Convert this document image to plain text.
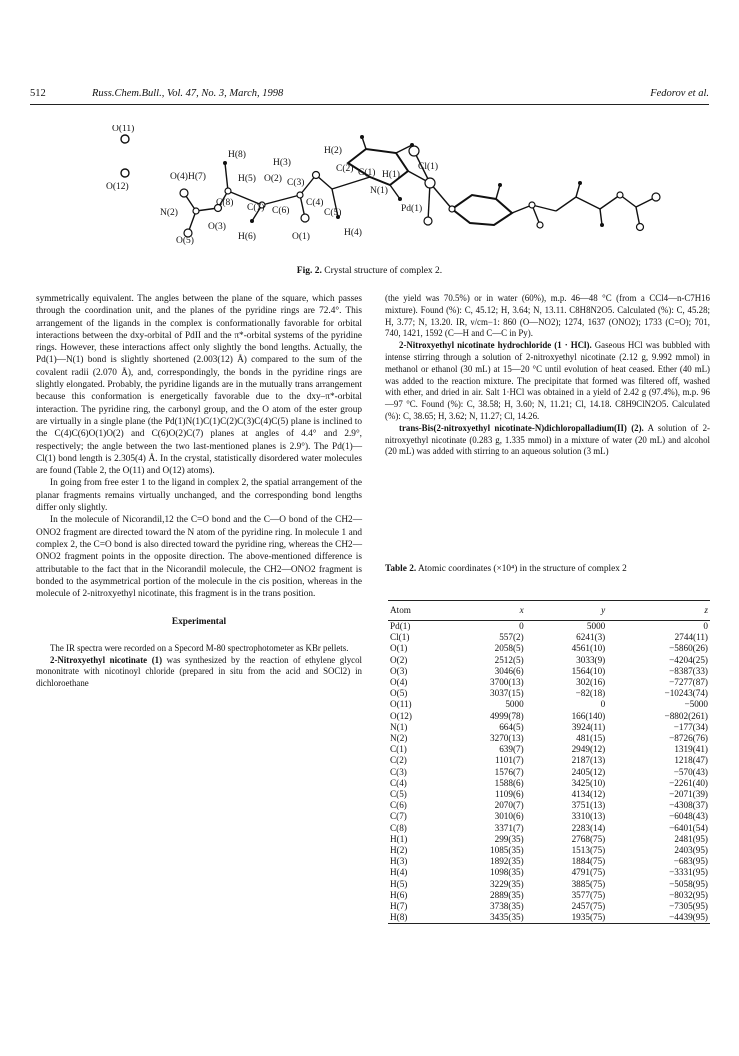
512	Russ.Chem.Bull., Vol. 47, No. 3, March, 1998	Fedorov et al.
O(11)
O(12)
H(8)
H(3)
H(2)
C(2) C(1) H(1)
Cl(1)
O(4) H(7)	H(5) O(2) C(3)
N(1)
C(8) C(7) C(6)
C(4)
C(5)	Pd(1)
N(2)
O(3)
H(4)
O(5)	H(6)	O(1)
Fig. 2. Crystal structure of complex 2.

symmetrically equivalent. The angles between the plane of the square, which passes through the coordination unit, and the planes of the pyridine rings are 72.4°. This arrangement of the ligands in the complex is conformationally favorable for orbital interactions between the dxy-orbital of PdII and the π*-orbital systems of the pyridine rings. However, these interactions affect only slightly the bond lengths. Actually, the Pd(1)—N(1) bond is slightly shortened (2.003(12) Å) compared to the sum of the covalent radii (2.070 Å), and, correspondingly, the bonds in the pyridine rings are slightly elongated. Probably, the pyridine ligands are in the mutually trans arrangement because this conformation is energetically favorable due to the dxy–π*-orbital interaction. The pyridine ring, the carbonyl group, and the O atom of the ester group are virtually in a single plane (the Pd(1)N(1)C(1)C(2)C(3)C(4)C(5) plane is inclined to the C(4)C(6)O(1)O(2) and C(6)O(2)C(7) planes at angles of 4.4° and 2.9°, respectively; the angle between the two last-mentioned planes is 2.9°). The Pd(1)—Cl(1) bond length is 2.305(4) Å. In the crystal, statistically disordered water molecules are found (Table 2, the O(11) and O(12) atoms).

In going from free ester 1 to the ligand in complex 2, the spatial arrangement of the planar fragments remains virtually unchanged, and the corresponding bond lengths differ only slightly.

In the molecule of Nicorandil,12 the C=O bond and the C—O bond of the CH2—ONO2 fragment are directed toward the N atom of the pyridine ring. In molecule 1 and complex 2, the C=O bond is also directed toward the pyridine ring, whereas the CH2—ONO2 fragment points in the opposite direction. The above-mentioned difference is attributable to the fact that in the Nicorandil molecule, the CH2—ONO2 fragment is bonded to the asymmetrical portion of the molecule in the cis position, whereas in the molecule of 2-nitroxyethyl nicotinate, this fragment is in the trans position.

Experimental

The IR spectra were recorded on a Specord M-80 spectrophotometer as KBr pellets.

2-Nitroxyethyl nicotinate (1) was synthesized by the reaction of ethylene glycol mononitrate with nicotinoyl chloride (prepared in situ from the acid and SOCl2) in dichloroethane

(the yield was 70.5%) or in water (60%), m.p. 46—48 °C (from a CCl4—n-C7H16 mixture). Found (%): C, 45.12; H, 3.64; N, 13.11. C8H8N2O5. Calculated (%): C, 45.28; H, 3.77; N, 13.20. IR, ν/cm−1: 860 (O—NO2); 1274, 1637 (ONO2); 1733 (C=O); 701, 740, 1421, 1592 (C—H and C—C in Py).

2-Nitroxyethyl nicotinate hydrochloride (1 · HCl). Gaseous HCl was bubbled with intense stirring through a solution of 2-nitroxyethyl nicotinate (2.12 g, 9.992 mmol) in methanol or ethanol (30 mL) at 15—20 °C until evolution of heat ceased. Ether (40 mL) was added to the reaction mixture. The precipitate that formed was filtered off, washed with ether, and dried in air. Salt 1·HCl was obtained in a yield of 2.42 g (97.4%), m.p. 96—97 °C. Found (%): C, 38.58; H, 3.60; N, 11.21; Cl, 14.18. C8H9ClN2O5. Calculated (%): C, 38.65; H, 3.62; N, 11.27; Cl, 14.26.

trans-Bis(2-nitroxyethyl nicotinate-N)dichloropalladium(II) (2). A solution of 2-nitroxyethyl nicotinate (0.283 g, 1.335 mmol) in a mixture of water (20 mL) and alcohol (20 mL) was added with stirring to an aqueous solution (3 mL)

Table 2. Atomic coordinates (×10⁴) in the structure of complex 2
Atom	x	y	z
Pd(1)	0	5000	0
Cl(1)	557(2)	6241(3)	2744(11)
O(1)	2058(5)	4561(10)	−5860(26)
O(2)	2512(5)	3033(9)	−4204(25)
O(3)	3046(6)	1564(10)	−8387(33)
O(4)	3700(13)	302(16)	−7277(87)
O(5)	3037(15)	−82(18)	−10243(74)
O(11)	5000	0	−5000
O(12)	4999(78)	166(140)	−8802(261)
N(1)	664(5)	3924(11)	−177(34)
N(2)	3270(13)	481(15)	−8726(76)
C(1)	639(7)	2949(12)	1319(41)
C(2)	1101(7)	2187(13)	1218(47)
C(3)	1576(7)	2405(12)	−570(43)
C(4)	1588(6)	3425(10)	−2261(40)
C(5)	1109(6)	4134(12)	−2071(39)
C(6)	2070(7)	3751(13)	−4308(37)
C(7)	3010(6)	3310(13)	−6048(43)
C(8)	3371(7)	2283(14)	−6401(54)
H(1)	299(35)	2768(75)	2481(95)
H(2)	1085(35)	1513(75)	2403(95)
H(3)	1892(35)	1884(75)	−683(95)
H(4)	1098(35)	4791(75)	−3331(95)
H(5)	3229(35)	3885(75)	−5058(95)
H(6)	2889(35)	3577(75)	−8032(95)
H(7)	3738(35)	2457(75)	−7305(95)
H(8)	3435(35)	1935(75)	−4439(95)
